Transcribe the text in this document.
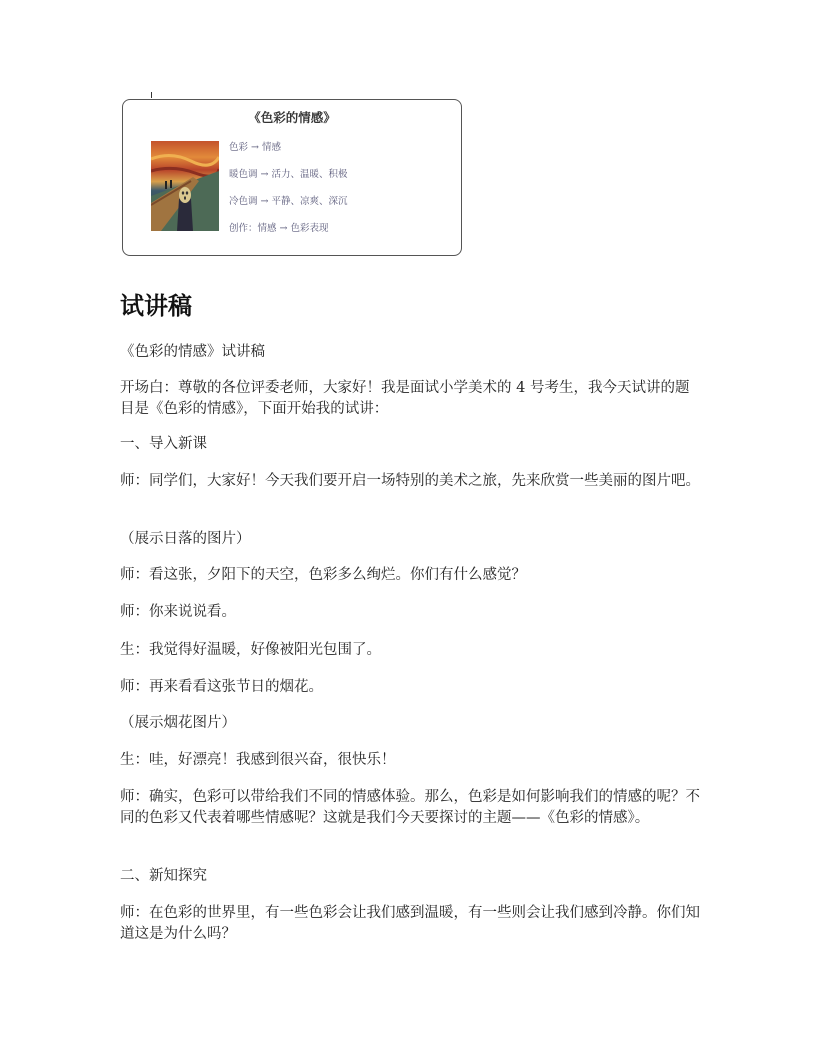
《色彩的情感》
色彩 → 情感
暖色调 → 活力、温暖、积极
冷色调 → 平静、凉爽、深沉
创作：情感 → 色彩表现
试讲稿

《色彩的情感》试讲稿

开场白：尊敬的各位评委老师，大家好！我是面试小学美术的 4 号考生，我今天试讲的题目是《色彩的情感》，下面开始我的试讲：

一、导入新课

师：同学们，大家好！今天我们要开启一场特别的美术之旅，先来欣赏一些美丽的图片吧。

（展示日落的图片）

师：看这张，夕阳下的天空，色彩多么绚烂。你们有什么感觉？

师：你来说说看。

生：我觉得好温暖，好像被阳光包围了。

师：再来看看这张节日的烟花。

（展示烟花图片）

生：哇，好漂亮！我感到很兴奋，很快乐！

师：确实，色彩可以带给我们不同的情感体验。那么，色彩是如何影响我们的情感的呢？不同的色彩又代表着哪些情感呢？这就是我们今天要探讨的主题——《色彩的情感》。

二、新知探究

师：在色彩的世界里，有一些色彩会让我们感到温暖，有一些则会让我们感到冷静。你们知道这是为什么吗？
